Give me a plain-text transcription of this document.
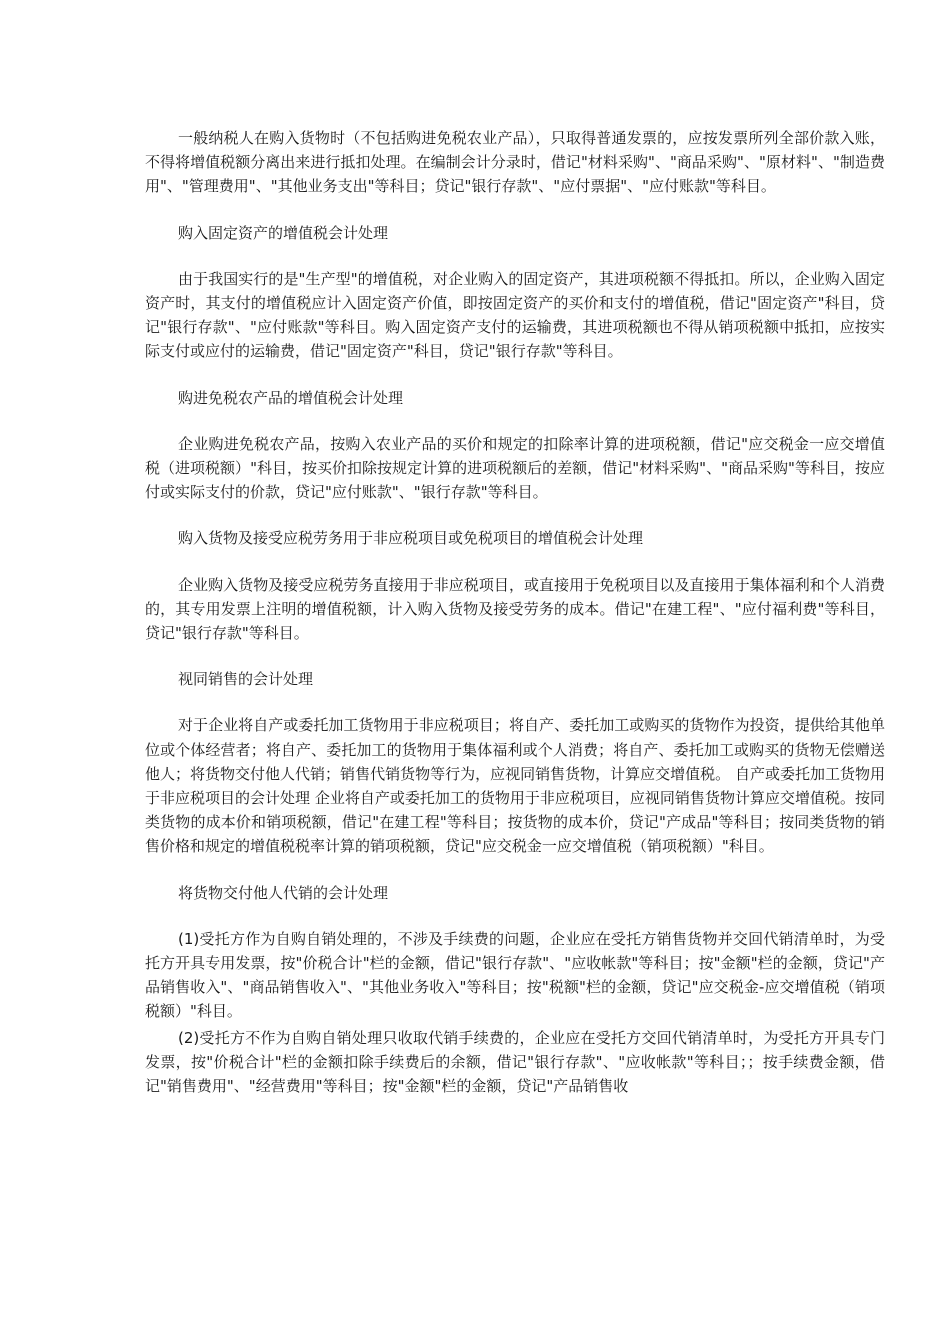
一般纳税人在购入货物时（不包括购进免税农业产品），只取得普通发票的，应按发票所列全部价款入账，不得将增值税额分离出来进行抵扣处理。在编制会计分录时，借记"材料采购"、"商品采购"、"原材料"、"制造费用"、"管理费用"、"其他业务支出"等科目；贷记"银行存款"、"应付票据"、"应付账款"等科目。

购入固定资产的增值税会计处理

由于我国实行的是"生产型"的增值税，对企业购入的固定资产，其进项税额不得抵扣。所以，企业购入固定资产时，其支付的增值税应计入固定资产价值，即按固定资产的买价和支付的增值税，借记"固定资产"科目，贷记"银行存款"、"应付账款"等科目。购入固定资产支付的运输费，其进项税额也不得从销项税额中抵扣，应按实际支付或应付的运输费，借记"固定资产"科目，贷记"银行存款"等科目。

购进免税农产品的增值税会计处理

企业购进免税农产品，按购入农业产品的买价和规定的扣除率计算的进项税额，借记"应交税金一应交增值税（进项税额）"科目，按买价扣除按规定计算的进项税额后的差额，借记"材料采购"、"商品采购"等科目，按应付或实际支付的价款，贷记"应付账款"、"银行存款"等科目。

购入货物及接受应税劳务用于非应税项目或免税项目的增值税会计处理

企业购入货物及接受应税劳务直接用于非应税项目，或直接用于免税项目以及直接用于集体福利和个人消费的，其专用发票上注明的增值税额，计入购入货物及接受劳务的成本。借记"在建工程"、"应付福利费"等科目，贷记"银行存款"等科目。

视同销售的会计处理

对于企业将自产或委托加工货物用于非应税项目；将自产、委托加工或购买的货物作为投资，提供给其他单位或个体经营者；将自产、委托加工的货物用于集体福利或个人消费；将自产、委托加工或购买的货物无偿赠送他人；将货物交付他人代销；销售代销货物等行为，应视同销售货物，计算应交增值税。 自产或委托加工货物用于非应税项目的会计处理 企业将自产或委托加工的货物用于非应税项目，应视同销售货物计算应交增值税。按同类货物的成本价和销项税额，借记"在建工程"等科目；按货物的成本价，贷记"产成品"等科目；按同类货物的销售价格和规定的增值税税率计算的销项税额，贷记"应交税金一应交增值税（销项税额）"科目。

将货物交付他人代销的会计处理

(1)受托方作为自购自销处理的，不涉及手续费的问题，企业应在受托方销售货物并交回代销清单时，为受托方开具专用发票，按"价税合计"栏的金额，借记"银行存款"、"应收帐款"等科目；按"金额"栏的金额，贷记"产品销售收入"、"商品销售收入"、"其他业务收入"等科目；按"税额"栏的金额，贷记"应交税金-应交增值税（销项税额）"科目。

(2)受托方不作为自购自销处理只收取代销手续费的，企业应在受托方交回代销清单时，为受托方开具专门发票，按"价税合计"栏的金额扣除手续费后的余额，借记"银行存款"、"应收帐款"等科目；；按手续费金额，借记"销售费用"、"经营费用"等科目；按"金额"栏的金额，贷记"产品销售收
